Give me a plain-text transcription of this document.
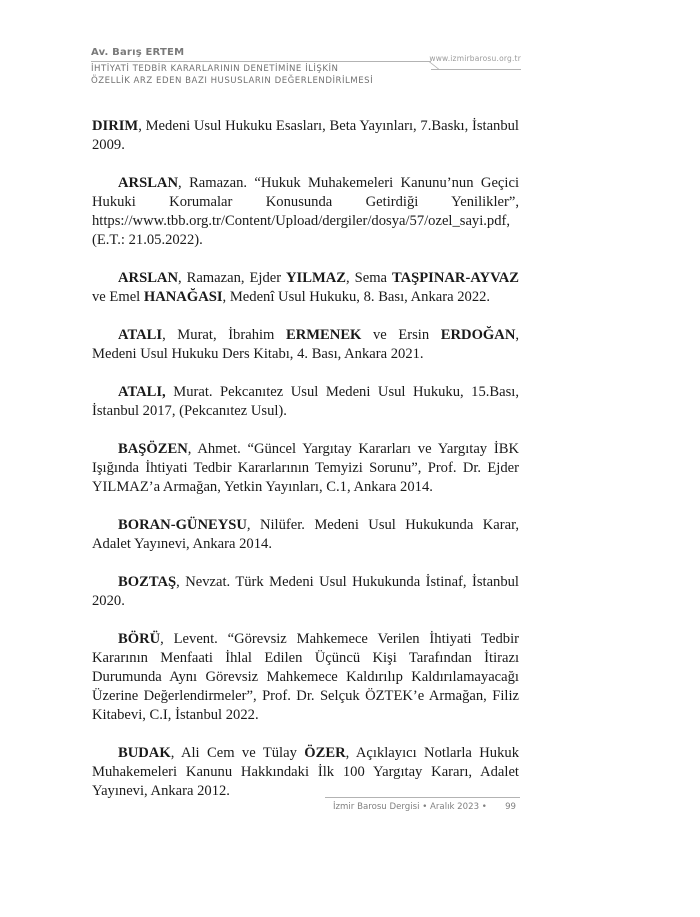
Av. Barış ERTEM
www.izmirbarosu.org.tr
İHTİYATİ TEDBİR KARARLARININ DENETİMİNE İLİŞKİN
ÖZELLİK ARZ EDEN BAZI HUSUSLARIN DEĞERLENDİRİLMESİ

DIRIM, Medeni Usul Hukuku Esasları, Beta Yayınları, 7.Baskı, İstanbul 2009.

ARSLAN, Ramazan. “Hukuk Muhakemeleri Kanunu’nun Geçici Hukuki Korumalar Konusunda Getirdiği Yenilikler”, https://www.tbb.org.tr/Content/Upload/dergiler/dosya/57/ozel_sayi.pdf, (E.T.: 21.05.2022).

ARSLAN, Ramazan, Ejder YILMAZ, Sema TAŞPINAR-AYVAZ ve Emel HANAĞASI, Medenî Usul Hukuku, 8. Bası, Ankara 2022.

ATALI, Murat, İbrahim ERMENEK ve Ersin ERDOĞAN, Medeni Usul Hukuku Ders Kitabı, 4. Bası, Ankara 2021.

ATALI, Murat. Pekcanıtez Usul Medeni Usul Hukuku, 15.Bası, İstanbul 2017, (Pekcanıtez Usul).

BAŞÖZEN, Ahmet. “Güncel Yargıtay Kararları ve Yargıtay İBK Işığında İhtiyati Tedbir Kararlarının Temyizi Sorunu”, Prof. Dr. Ejder YILMAZ’a Armağan, Yetkin Yayınları, C.1, Ankara 2014.

BORAN-GÜNEYSU, Nilüfer. Medeni Usul Hukukunda Karar, Adalet Yayınevi, Ankara 2014.

BOZTAŞ, Nevzat. Türk Medeni Usul Hukukunda İstinaf, İstanbul 2020.

BÖRÜ, Levent. “Görevsiz Mahkemece Verilen İhtiyati Tedbir Kararının Menfaati İhlal Edilen Üçüncü Kişi Tarafından İtirazı Durumunda Aynı Görevsiz Mahkemece Kaldırılıp Kaldırılamayacağı Üzerine Değerlendirmeler”, Prof. Dr. Selçuk ÖZTEK’e Armağan, Filiz Kitabevi, C.I, İstanbul 2022.

BUDAK, Ali Cem ve Tülay ÖZER, Açıklayıcı Notlarla Hukuk Muhakemeleri Kanunu Hakkındaki İlk 100 Yargıtay Kararı, Adalet Yayınevi, Ankara 2012.

İzmir Barosu Dergisi • Aralık 2023 • 99
